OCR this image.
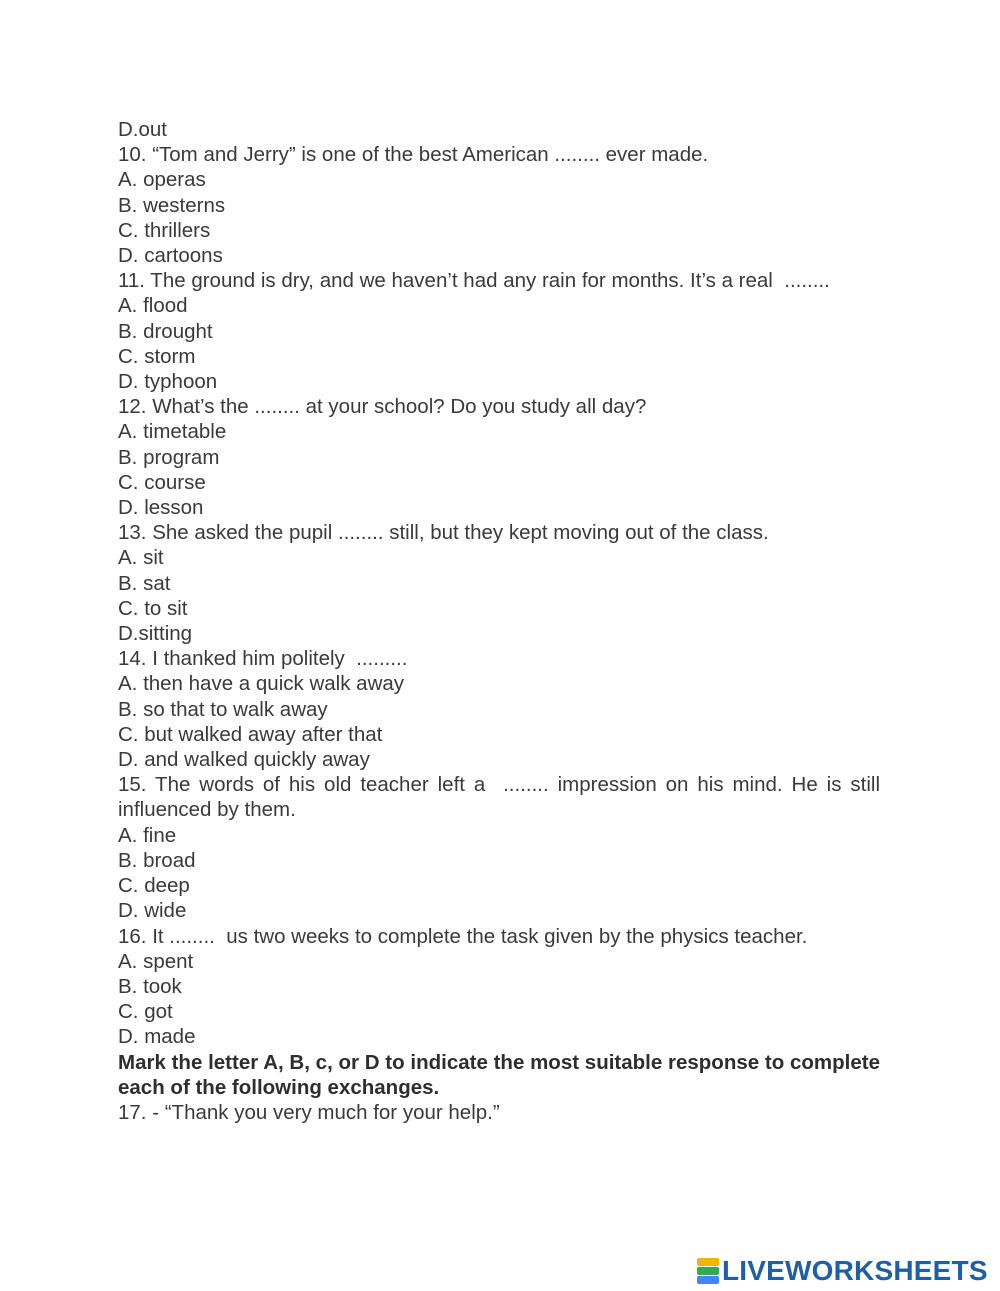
D.out
10. “Tom and Jerry” is one of the best American ........ ever made.
A. operas
B. westerns
C. thrillers
D. cartoons
11. The ground is dry, and we haven’t had any rain for months. It’s a real  ........
A. flood
B. drought
C. storm
D. typhoon
12. What’s the ........ at your school? Do you study all day?
A. timetable
B. program
C. course
D. lesson
13. She asked the pupil ........ still, but they kept moving out of the class.
A. sit
B. sat
C. to sit
D.sitting
14. I thanked him politely  .........
A. then have a quick walk away
B. so that to walk away
C. but walked away after that
D. and walked quickly away
15. The words of his old teacher left a  ........ impression on his mind. He is still influenced by them.
A. fine
B. broad
C. deep
D. wide
16. It ........  us two weeks to complete the task given by the physics teacher.
A. spent
B. took
C. got
D. made
Mark the letter A, B, c, or D to indicate the most suitable response to complete each of the following exchanges.
17. - “Thank you very much for your help.”
LIVEWORKSHEETS
